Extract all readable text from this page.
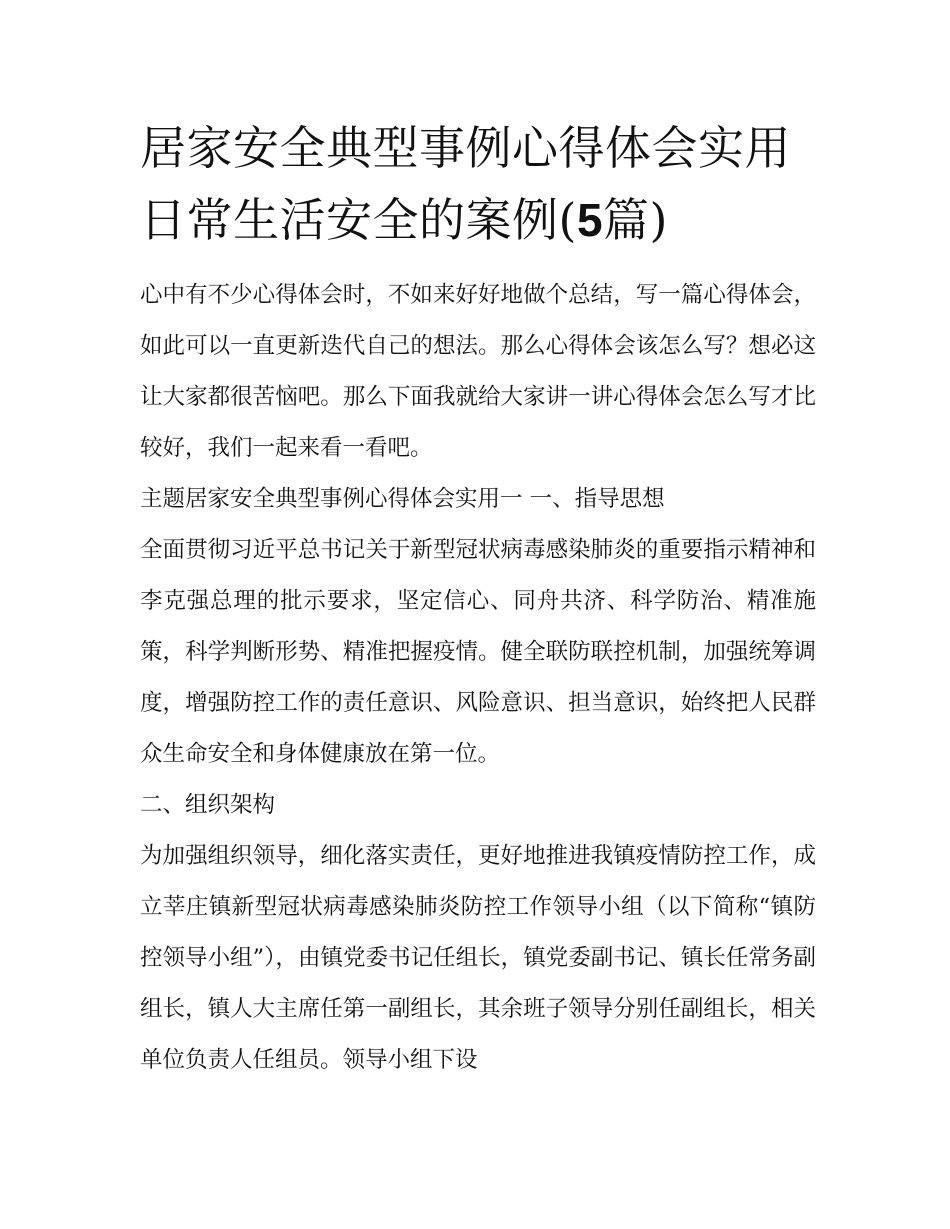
居家安全典型事例心得体会实用 日常生活安全的案例(5篇)

心中有不少心得体会时，不如来好好地做个总结，写一篇心得体会，如此可以一直更新迭代自己的想法。那么心得体会该怎么写？想必这让大家都很苦恼吧。那么下面我就给大家讲一讲心得体会怎么写才比较好，我们一起来看一看吧。

主题居家安全典型事例心得体会实用一 一、指导思想

全面贯彻习近平总书记关于新型冠状病毒感染肺炎的重要指示精神和李克强总理的批示要求，坚定信心、同舟共济、科学防治、精准施策，科学判断形势、精准把握疫情。健全联防联控机制，加强统筹调度，增强防控工作的责任意识、风险意识、担当意识，始终把人民群众生命安全和身体健康放在第一位。

二、组织架构

为加强组织领导，细化落实责任，更好地推进我镇疫情防控工作，成立莘庄镇新型冠状病毒感染肺炎防控工作领导小组（以下简称“镇防控领导小组”），由镇党委书记任组长，镇党委副书记、镇长任常务副组长，镇人大主席任第一副组长，其余班子领导分别任副组长，相关单位负责人任组员。领导小组下设
